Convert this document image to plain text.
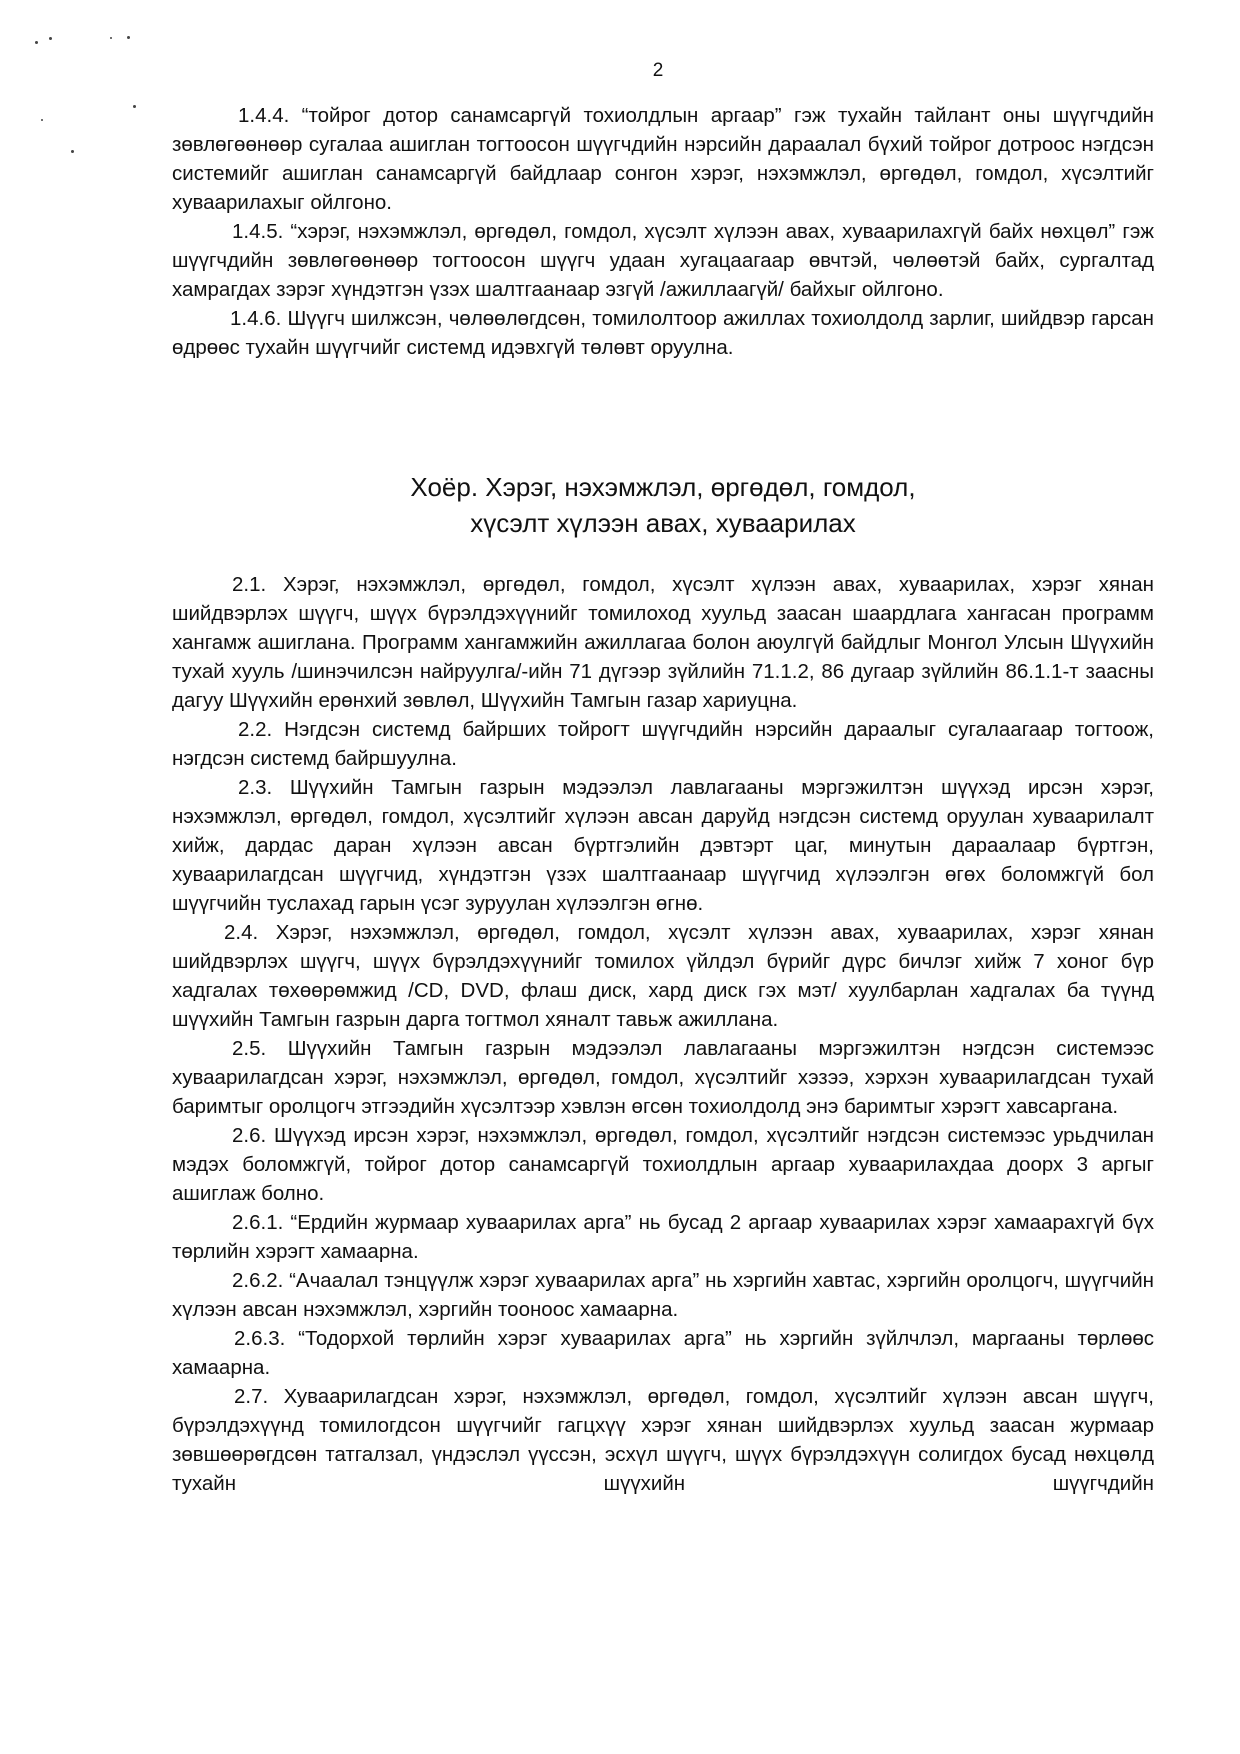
2

1.4.4. “тойрог дотор санамсаргүй тохиолдлын аргаар” гэж тухайн тайлант оны шүүгчдийн зөвлөгөөнөөр сугалаа ашиглан тогтоосон шүүгчдийн нэрсийн дараалал бүхий тойрог дотроос нэгдсэн системийг ашиглан санамсаргүй байдлаар сонгон хэрэг, нэхэмжлэл, өргөдөл, гомдол, хүсэлтийг хуваарилахыг ойлгоно.

1.4.5. “хэрэг, нэхэмжлэл, өргөдөл, гомдол, хүсэлт хүлээн авах, хуваарилахгүй байх нөхцөл” гэж шүүгчдийн зөвлөгөөнөөр тогтоосон шүүгч удаан хугацаагаар өвчтэй, чөлөөтэй байх, сургалтад хамрагдах зэрэг хүндэтгэн үзэх шалтгаанаар эзгүй /ажиллаагүй/ байхыг ойлгоно.

1.4.6. Шүүгч шилжсэн, чөлөөлөгдсөн, томилолтоор ажиллах тохиолдолд зарлиг, шийдвэр гарсан өдрөөс тухайн шүүгчийг системд идэвхгүй төлөвт оруулна.

Хоёр. Хэрэг, нэхэмжлэл, өргөдөл, гомдол,
хүсэлт хүлээн авах, хуваарилах

2.1. Хэрэг, нэхэмжлэл, өргөдөл, гомдол, хүсэлт хүлээн авах, хуваарилах, хэрэг хянан шийдвэрлэх шүүгч, шүүх бүрэлдэхүүнийг томилоход хуульд заасан шаардлага хангасан программ хангамж ашиглана. Программ хангамжийн ажиллагаа болон аюулгүй байдлыг Монгол Улсын Шүүхийн тухай хууль /шинэчилсэн найруулга/-ийн 71 дүгээр зүйлийн 71.1.2, 86 дугаар зүйлийн 86.1.1-т заасны дагуу Шүүхийн ерөнхий зөвлөл, Шүүхийн Тамгын газар хариуцна.

2.2. Нэгдсэн системд байрших тойрогт шүүгчдийн нэрсийн дараалыг сугалаагаар тогтоож, нэгдсэн системд байршуулна.

2.3. Шүүхийн Тамгын газрын мэдээлэл лавлагааны мэргэжилтэн шүүхэд ирсэн хэрэг, нэхэмжлэл, өргөдөл, гомдол, хүсэлтийг хүлээн авсан даруйд нэгдсэн системд оруулан хуваарилалт хийж, дардас даран хүлээн авсан бүртгэлийн дэвтэрт цаг, минутын дараалаар бүртгэн, хуваарилагдсан шүүгчид, хүндэтгэн үзэх шалтгаанаар шүүгчид хүлээлгэн өгөх боломжгүй бол шүүгчийн туслахад гарын үсэг зуруулан хүлээлгэн өгнө.

2.4. Хэрэг, нэхэмжлэл, өргөдөл, гомдол, хүсэлт хүлээн авах, хуваарилах, хэрэг хянан шийдвэрлэх шүүгч, шүүх бүрэлдэхүүнийг томилох үйлдэл бүрийг дүрс бичлэг хийж 7 хоног бүр хадгалах төхөөрөмжид /CD, DVD, флаш диск, хард диск гэх мэт/ хуулбарлан хадгалах ба түүнд шүүхийн Тамгын газрын дарга тогтмол хяналт тавьж ажиллана.

2.5. Шүүхийн Тамгын газрын мэдээлэл лавлагааны мэргэжилтэн нэгдсэн системээс хуваарилагдсан хэрэг, нэхэмжлэл, өргөдөл, гомдол, хүсэлтийг хэзээ, хэрхэн хуваарилагдсан тухай баримтыг оролцогч этгээдийн хүсэлтээр хэвлэн өгсөн тохиолдолд энэ баримтыг хэрэгт хавсаргана.

2.6. Шүүхэд ирсэн хэрэг, нэхэмжлэл, өргөдөл, гомдол, хүсэлтийг нэгдсэн системээс урьдчилан мэдэх боломжгүй, тойрог дотор санамсаргүй тохиолдлын аргаар хуваарилахдаа доорх 3 аргыг ашиглаж болно.

2.6.1. “Ердийн журмаар хуваарилах арга” нь бусад 2 аргаар хуваарилах хэрэг хамаарахгүй бүх төрлийн хэрэгт хамаарна.

2.6.2. “Ачаалал тэнцүүлж хэрэг хуваарилах арга” нь хэргийн хавтас, хэргийн оролцогч, шүүгчийн хүлээн авсан нэхэмжлэл, хэргийн тооноос хамаарна.

2.6.3. “Тодорхой төрлийн хэрэг хуваарилах арга” нь хэргийн зүйлчлэл, маргааны төрлөөс хамаарна.

2.7. Хуваарилагдсан хэрэг, нэхэмжлэл, өргөдөл, гомдол, хүсэлтийг хүлээн авсан шүүгч, бүрэлдэхүүнд томилогдсон шүүгчийг гагцхүү хэрэг хянан шийдвэрлэх хуульд заасан журмаар зөвшөөрөгдсөн татгалзал, үндэслэл үүссэн, эсхүл шүүгч, шүүх бүрэлдэхүүн солигдох бусад нөхцөлд тухайн шүүхийн шүүгчдийн
